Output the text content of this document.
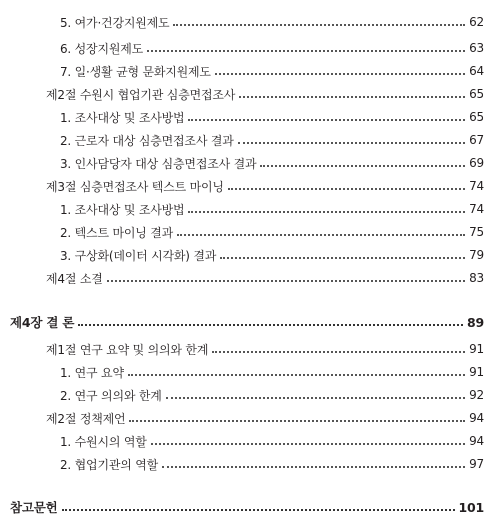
5. 여가·건강지원제도	62
6. 성장지원제도	63
7. 일·생활 균형 문화지원제도	64
제2절 수원시 협업기관 심층면접조사	65
1. 조사대상 및 조사방법	65
2. 근로자 대상 심층면접조사 결과	67
3. 인사담당자 대상 심층면접조사 결과	69
제3절 심층면접조사 텍스트 마이닝	74
1. 조사대상 및 조사방법	74
2. 텍스트 마이닝 결과	75
3. 구상화(데이터 시각화) 결과	79
제4절 소결	83
제4장 결 론	89
제1절 연구 요약 및 의의와 한계	91
1. 연구 요약	91
2. 연구 의의와 한계	92
제2절 정책제언	94
1. 수원시의 역할	94
2. 협업기관의 역할	97
참고문헌	101
